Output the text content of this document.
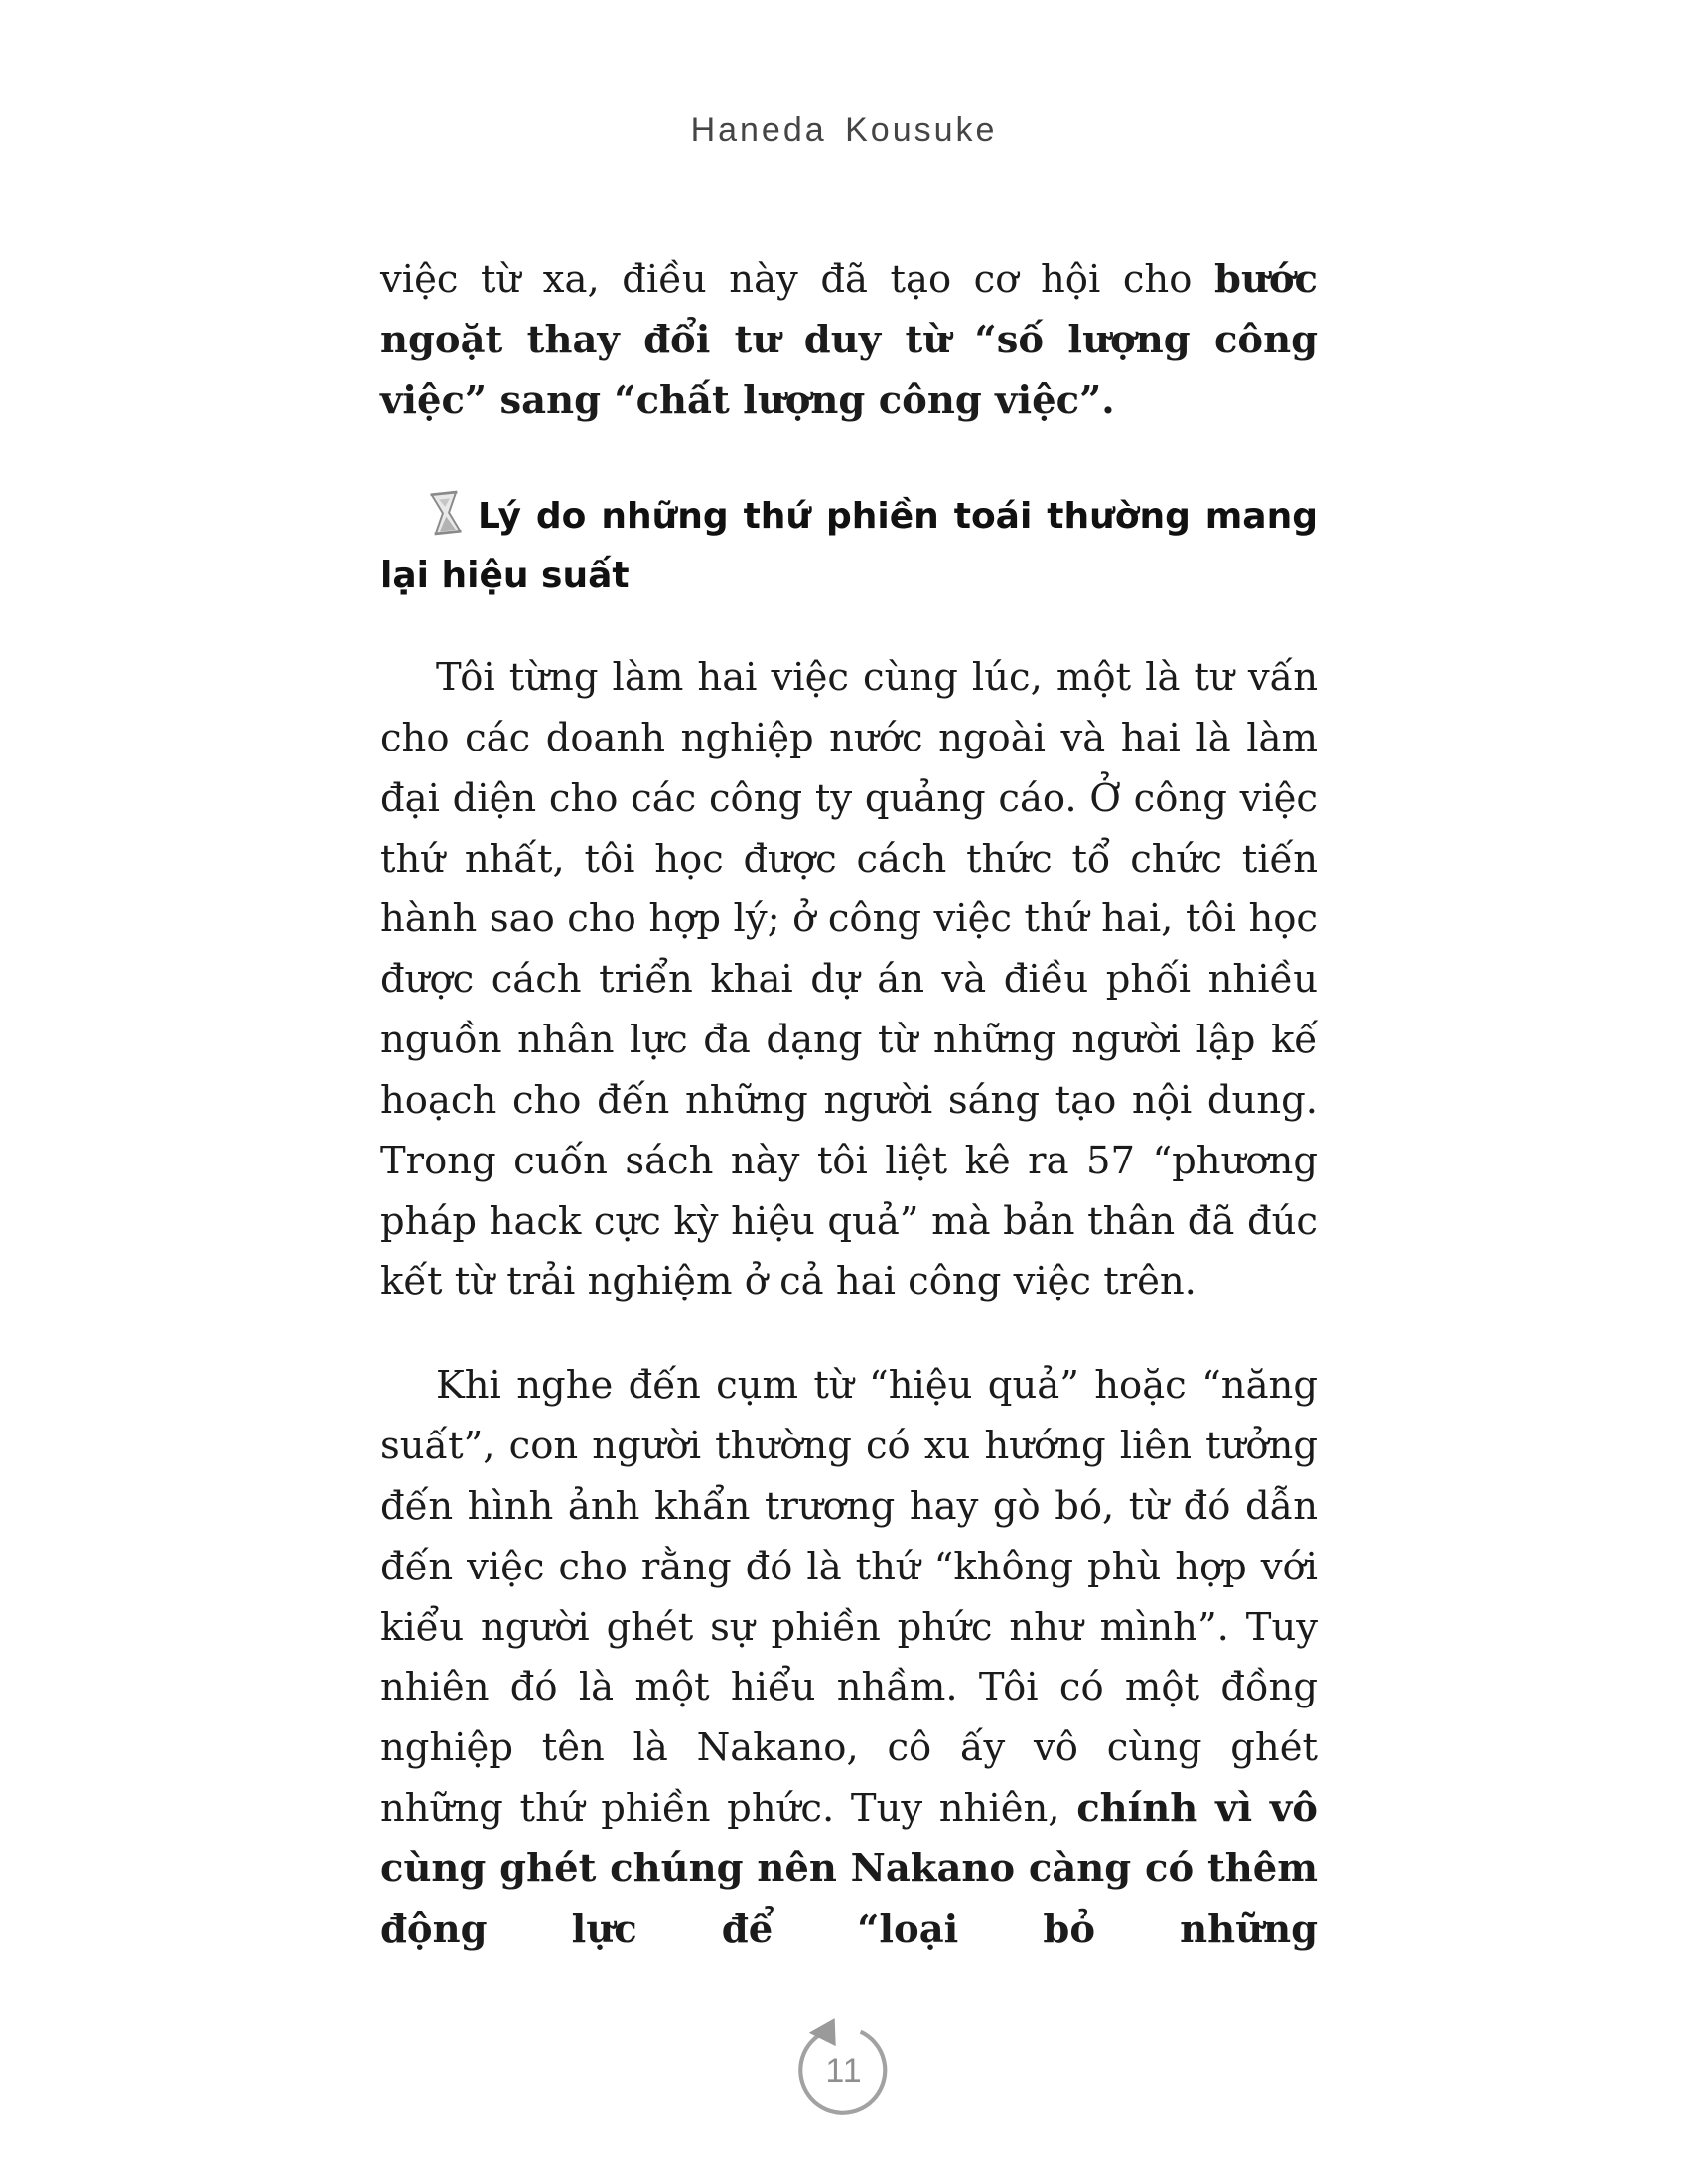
Haneda Kousuke

việc từ xa, điều này đã tạo cơ hội cho bước ngoặt thay đổi tư duy từ “số lượng công việc” sang “chất lượng công việc”.

Lý do những thứ phiền toái thường mang lại hiệu suất

Tôi từng làm hai việc cùng lúc, một là tư vấn cho các doanh nghiệp nước ngoài và hai là làm đại diện cho các công ty quảng cáo. Ở công việc thứ nhất, tôi học được cách thức tổ chức tiến hành sao cho hợp lý; ở công việc thứ hai, tôi học được cách triển khai dự án và điều phối nhiều nguồn nhân lực đa dạng từ những người lập kế hoạch cho đến những người sáng tạo nội dung. Trong cuốn sách này tôi liệt kê ra 57 “phương pháp hack cực kỳ hiệu quả” mà bản thân đã đúc kết từ trải nghiệm ở cả hai công việc trên.

Khi nghe đến cụm từ “hiệu quả” hoặc “năng suất”, con người thường có xu hướng liên tưởng đến hình ảnh khẩn trương hay gò bó, từ đó dẫn đến việc cho rằng đó là thứ “không phù hợp với kiểu người ghét sự phiền phức như mình”. Tuy nhiên đó là một hiểu nhầm. Tôi có một đồng nghiệp tên là Nakano, cô ấy vô cùng ghét những thứ phiền phức. Tuy nhiên, chính vì vô cùng ghét chúng nên Nakano càng có thêm động lực để “loại bỏ những

11
